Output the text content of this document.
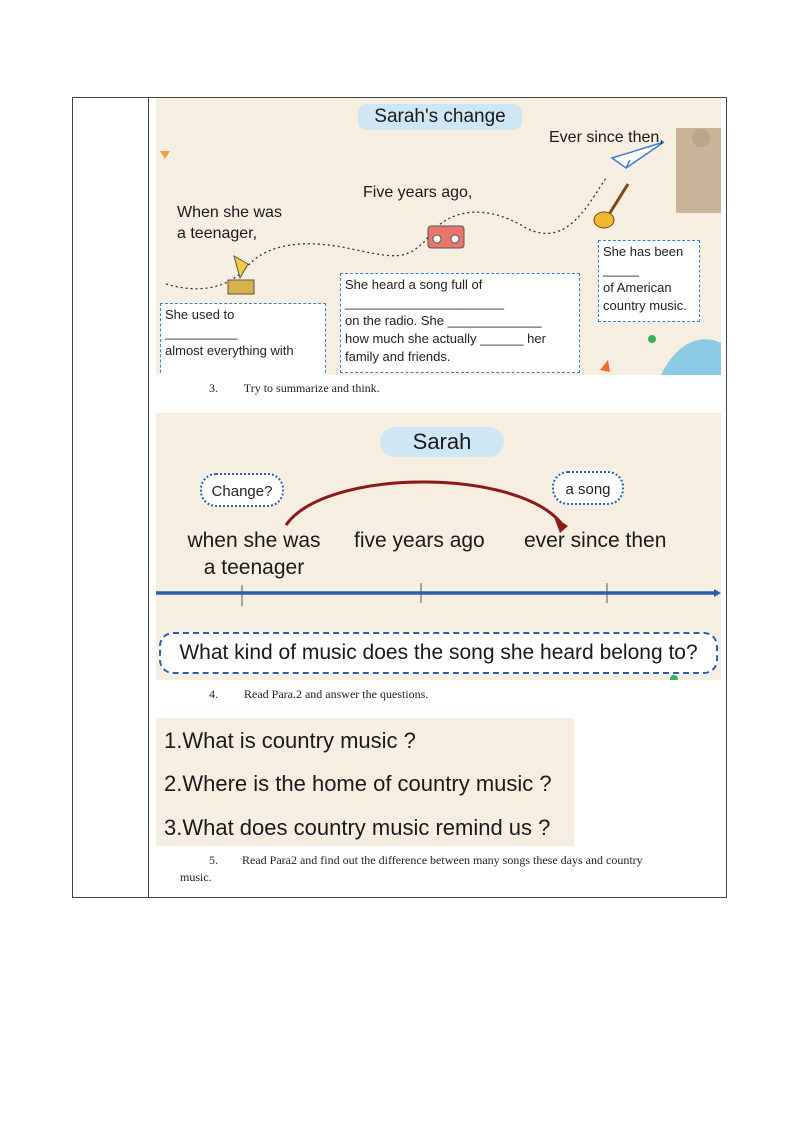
Sarah's change
When she was
a teenager,
Five years ago,
Ever since then,
She used to
__________
almost everything with
She heard a song full of
______________________
on the radio. She _____________
how much she actually ______ her
family and friends.
She has been
_____
of American
country music.
3. Try to summarize and think.
Sarah
Change?	a song
when she was
a teenager
five years ago ever since then
What kind of music does the song she heard belong to?
4. Read Para.2 and answer the questions.
1.What is country music ?
2.Where is the home of country music ?
3.What does country music remind us ?
5. Read Para2 and find out the difference between many songs these days and country
music.
